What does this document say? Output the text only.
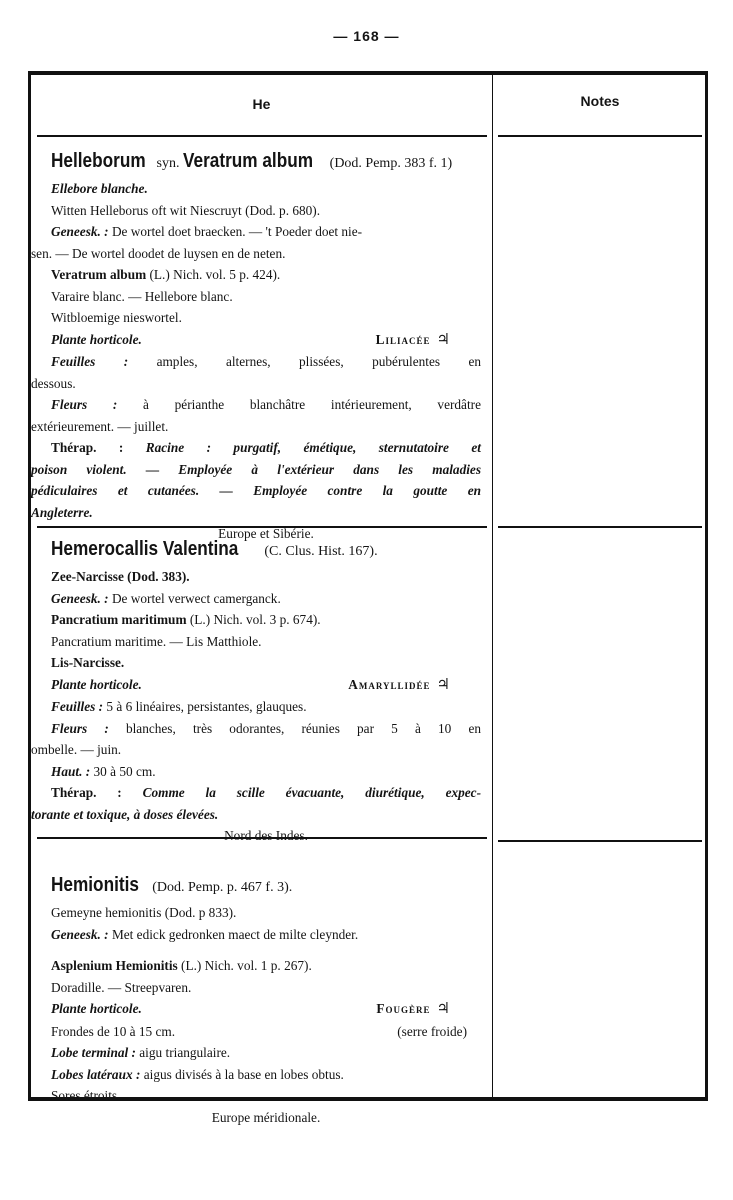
— 168 —
He	Notes

Helleborum syn. Veratrum album (Dod. Pemp. 383 f. 1)

Ellebore blanche.

Witten Helleborus oft wit Niescruyt (Dod. p. 680).

Geneesk. : De wortel doet braecken. — 't Poeder doet nie-

sen. — De wortel doodet de luysen en de neten.

Veratrum album (L.) Nich. vol. 5 p. 424).

Varaire blanc. — Hellebore blanc.

Witbloemige nieswortel.

Plante horticole.	Liliacée ♃

Feuilles : amples, alternes, plissées, pubérulentes en

dessous.

Fleurs : à périanthe blanchâtre intérieurement, verdâtre

extérieurement. — juillet.

Thérap. : Racine : purgatif, émétique, sternutatoire et

poison violent. — Employée à l'extérieur dans les maladies

pédiculaires et cutanées. — Employée contre la goutte en

Angleterre.

Europe et Sibérie.

Hemerocallis Valentina (C. Clus. Hist. 167).

Zee-Narcisse (Dod. 383).

Geneesk. : De wortel verwect camerganck.

Pancratium maritimum (L.) Nich. vol. 3 p. 674).

Pancratium maritime. — Lis Matthiole.

Lis-Narcisse.

Plante horticole.	Amaryllidée ♃

Feuilles : 5 à 6 linéaires, persistantes, glauques.

Fleurs : blanches, très odorantes, réunies par 5 à 10 en

ombelle. — juin.

Haut. : 30 à 50 cm.

Thérap. : Comme la scille évacuante, diurétique, expec-

torante et toxique, à doses élevées.

Nord des Indes.

Hemionitis (Dod. Pemp. p. 467 f. 3).

Gemeyne hemionitis (Dod. p 833).

Geneesk. : Met edick gedronken maect de milte cleynder.

Asplenium Hemionitis (L.) Nich. vol. 1 p. 267).

Doradille. — Streepvaren.

Plante horticole.	Fougère ♃

Frondes de 10 à 15 cm.	(serre froide)

Lobe terminal : aigu triangulaire.

Lobes latéraux : aigus divisés à la base en lobes obtus.

Sores étroits.

Europe méridionale.
